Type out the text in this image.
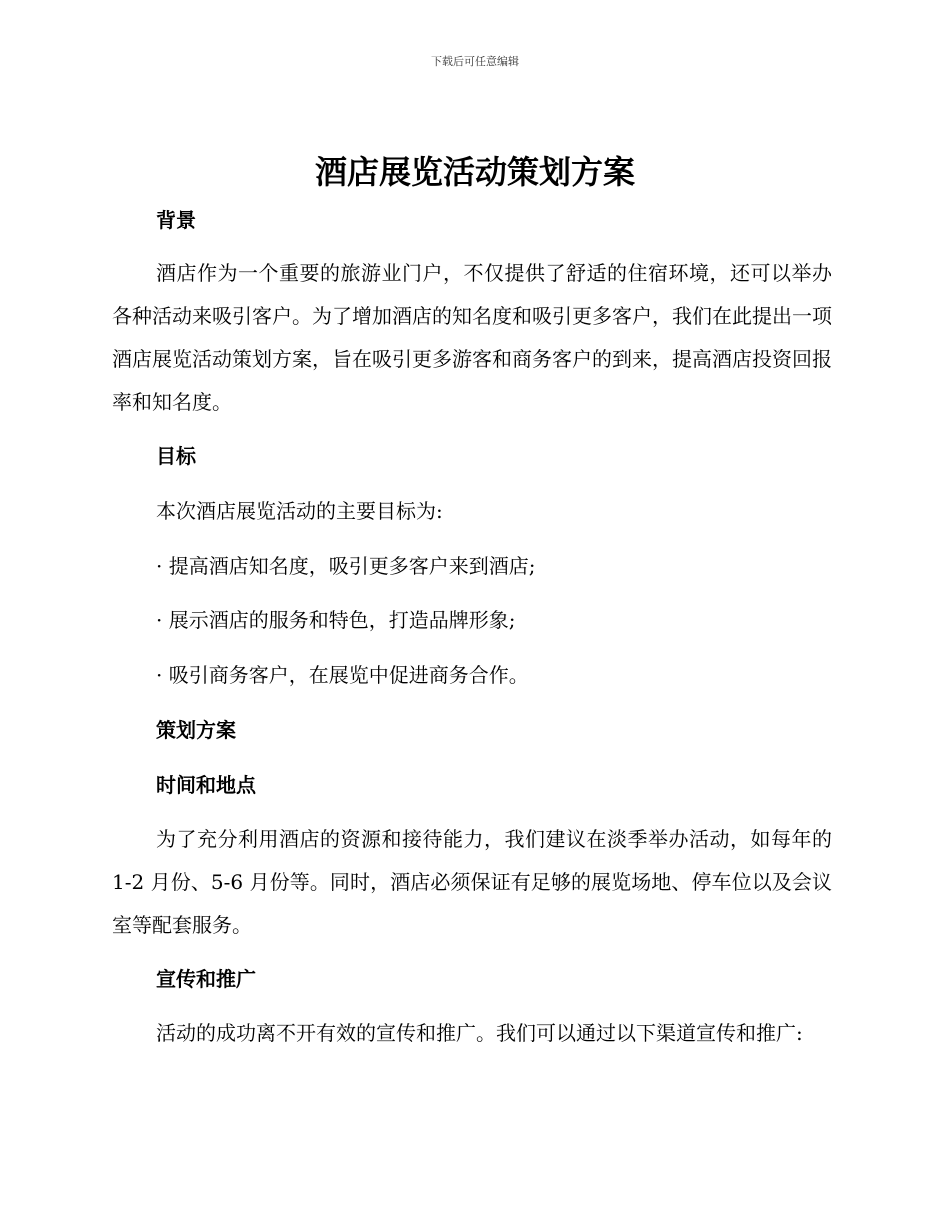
下载后可任意编辑
酒店展览活动策划方案
背景

酒店作为一个重要的旅游业门户，不仅提供了舒适的住宿环境，还可以举办各种活动来吸引客户。为了增加酒店的知名度和吸引更多客户，我们在此提出一项酒店展览活动策划方案，旨在吸引更多游客和商务客户的到来，提高酒店投资回报率和知名度。

目标

本次酒店展览活动的主要目标为:

· 提高酒店知名度，吸引更多客户来到酒店;

· 展示酒店的服务和特色，打造品牌形象;

· 吸引商务客户，在展览中促进商务合作。

策划方案
时间和地点

为了充分利用酒店的资源和接待能力，我们建议在淡季举办活动，如每年的 1-2 月份、5-6 月份等。同时，酒店必须保证有足够的展览场地、停车位以及会议室等配套服务。

宣传和推广

活动的成功离不开有效的宣传和推广。我们可以通过以下渠道宣传和推广:
